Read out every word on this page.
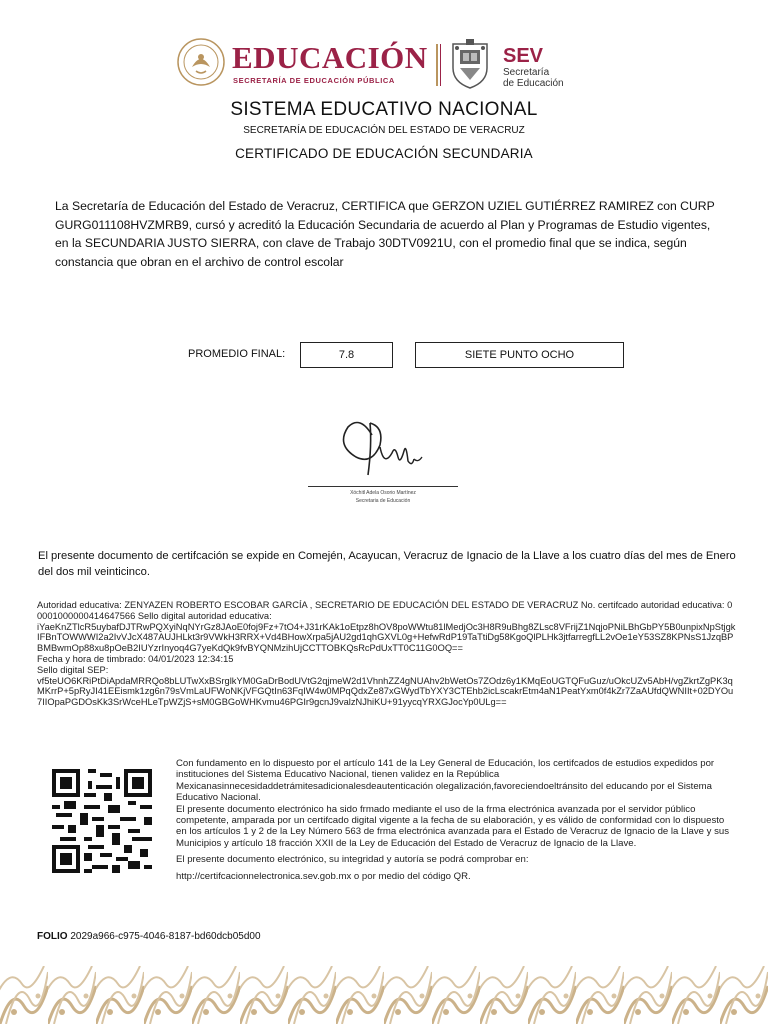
EDUCACIÓN
SECRETARÍA DE EDUCACIÓN PÚBLICA
SEV
Secretaría
de Educación
SISTEMA EDUCATIVO NACIONAL
SECRETARÍA DE EDUCACIÓN DEL ESTADO DE VERACRUZ
CERTIFICADO DE EDUCACIÓN SECUNDARIA
La Secretaría de Educación del Estado de Veracruz, CERTIFICA que GERZON UZIEL GUTIÉRREZ RAMIREZ con CURP GURG011108HVZMRB9, cursó y acreditó la Educación Secundaria de acuerdo al Plan y Programas de Estudio vigentes, en la SECUNDARIA JUSTO SIERRA, con clave de Trabajo 30DTV0921U, con el promedio final que se indica, según constancia que obran en el archivo de control escolar
PROMEDIO FINAL:	7.8	SIETE PUNTO OCHO
Xóchitl Adela Osorio Martínez
Secretaria de Educación
El presente documento de certifcación se expide en Comején, Acayucan, Veracruz de Ignacio de la Llave a los cuatro días del mes de Enero del dos mil veinticinco.
Autoridad educativa: ZENYAZEN ROBERTO ESCOBAR GARCÍA , SECRETARIO DE EDUCACIÓN DEL ESTADO DE VERACRUZ No. certifcado autoridad educativa: 00001000000414647566 Sello digital autoridad educativa:
iYaeKnZTlcR5uybafDJTRwPQXyiNqNYrGz8JAoE0foj9Fz+7tO4+J31rKAk1oEtpz8hOV8poWWtu81lMedjOc3H8R9uBhg8ZLsc8VFrijZ1NqjoPNiLBhGbPY5B0unpixNpStjgkIFBnTOWWWI2a2IvVJcX487AUJHLkt3r9VWkH3RRX+Vd4BHowXrpa5jAU2gd1qhGXVL0g+HefwRdP19TaTtiDg58KgoQlPLHk3jtfarregfLL2vOe1eY53SZ8KPNsS1JzqBPBMBwmOp88xu8pOeB2IUYzrInyoq4G7yeKdQk9fvBYQNMzihUjCCTTOBKQsRcPdUxTT0C11G0OQ==
Fecha y hora de timbrado: 04/01/2023 12:34:15
Sello digital SEP:
vf5teUO6KRiPtDiApdaMRRQo8bLUTwXxBSrglkYM0GaDrBodUVtG2qjmeW2d1VhnhZZ4gNUAhv2bWetOs7ZOdz6y1KMqEoUGTQFuGuz/uOkcUZv5AbH/vgZkrtZgPK3qMKrrP+5pRyJI41EEismk1zg6n79sVmLaUFWoNKjVFGQtIn63FqIW4w0MPqQdxZe87xGWydTbYXY3CTEhb2icLscakrEtm4aN1PeatYxm0f4kZr7ZaAUfdQWNIIt+02DYOu7IIOpaPGDOsKk3SrWceHLeTpWZjS+sM0GBGoWHKvmu46PGIr9gcnJ9valzNJhiKU+91yycqYRXGJocYp0ULg==

Con fundamento en lo dispuesto por el artículo 141 de la Ley General de Educación, los certifcados de estudios expedidos por instituciones del Sistema Educativo Nacional, tienen validez en la República Mexicanasinnecesidaddetrámitesadicionalesdeautenticación olegalización,favoreciendoeltránsito del educando por el Sistema Educativo Nacional.

El presente documento electrónico ha sido frmado mediante el uso de la frma electrónica avanzada por el servidor público competente, amparada por un certifcado digital vigente a la fecha de su elaboración, y es válido de conformidad con lo dispuesto en los artículos 1 y 2 de la Ley Número 563 de frma electrónica avanzada para el Estado de Veracruz de Ignacio de la Llave y sus Municipios y artículo 18 fracción XXII de la Ley de Educación del Estado de Veracruz de Ignacio de la Llave.

El presente documento electrónico, su integridad y autoría se podrá comprobar en:

http://certifcacionnelectronica.sev.gob.mx o por medio del código QR.

FOLIO 2029a966-c975-4046-8187-bd60dcb05d00
